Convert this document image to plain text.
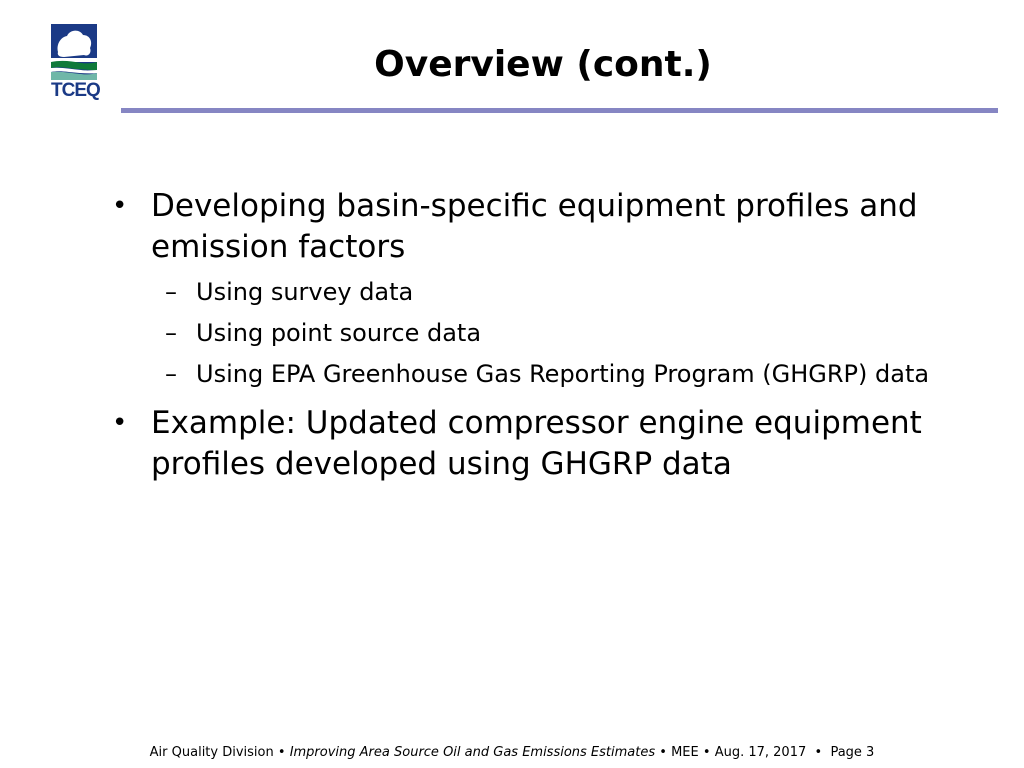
TCEQ
Overview (cont.)
• Developing basin-specific equipment profiles and emission factors
– Using survey data
– Using point source data
– Using EPA Greenhouse Gas Reporting Program (GHGRP) data
• Example: Updated compressor engine equipment profiles developed using GHGRP data
Air Quality Division • Improving Area Source Oil and Gas Emissions Estimates • MEE • Aug. 17, 2017 • Page 3
